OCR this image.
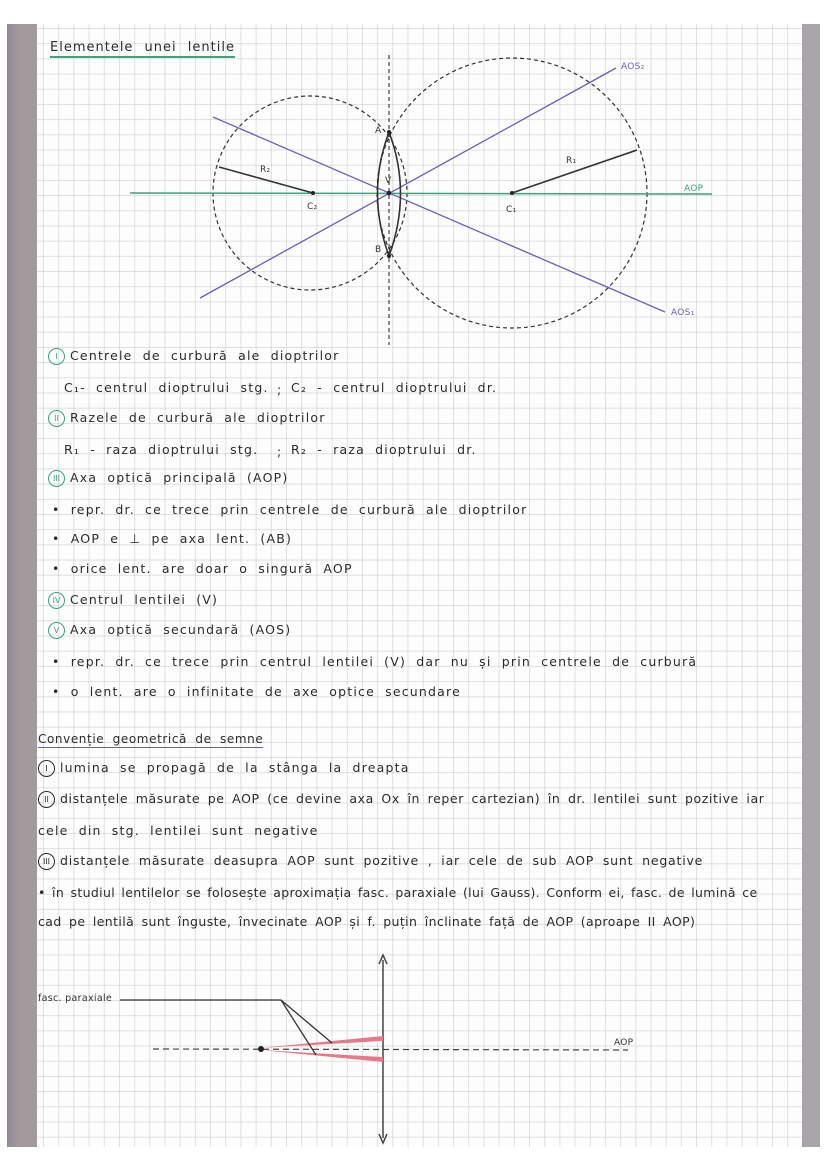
Elementele unei lentile
A
B
V
C₂	C₁
R₂
R₁
AOP
AOS₂
AOS₁
I Centrele de curbură ale dioptrilor
C₁- centrul dioptrului stg. ; C₂ - centrul dioptrului dr.
II Razele de curbură ale dioptrilor
R₁ - raza dioptrului stg. ; R₂ - raza dioptrului dr.
III Axa optică principală (AOP)
• repr. dr. ce trece prin centrele de curbură ale dioptrilor
• AOP e ⊥ pe axa lent. (AB)
• orice lent. are doar o singură AOP
IV Centrul lentilei (V)
V Axa optică secundară (AOS)
• repr. dr. ce trece prin centrul lentilei (V) dar nu și prin centrele de curbură
• o lent. are o infinitate de axe optice secundare
Convenție geometrică de semne
I lumina se propagă de la stânga la dreapta
II distanțele măsurate pe AOP (ce devine axa Ox în reper cartezian) în dr. lentilei sunt pozitive iar
cele din stg. lentilei sunt negative
III distanțele măsurate deasupra AOP sunt pozitive , iar cele de sub AOP sunt negative
• în studiul lentilelor se folosește aproximația fasc. paraxiale (lui Gauss). Conform ei, fasc. de lumină ce
cad pe lentilă sunt înguste, învecinate AOP și f. puțin înclinate față de AOP (aproape II AOP)
fasc. paraxiale
AOP
